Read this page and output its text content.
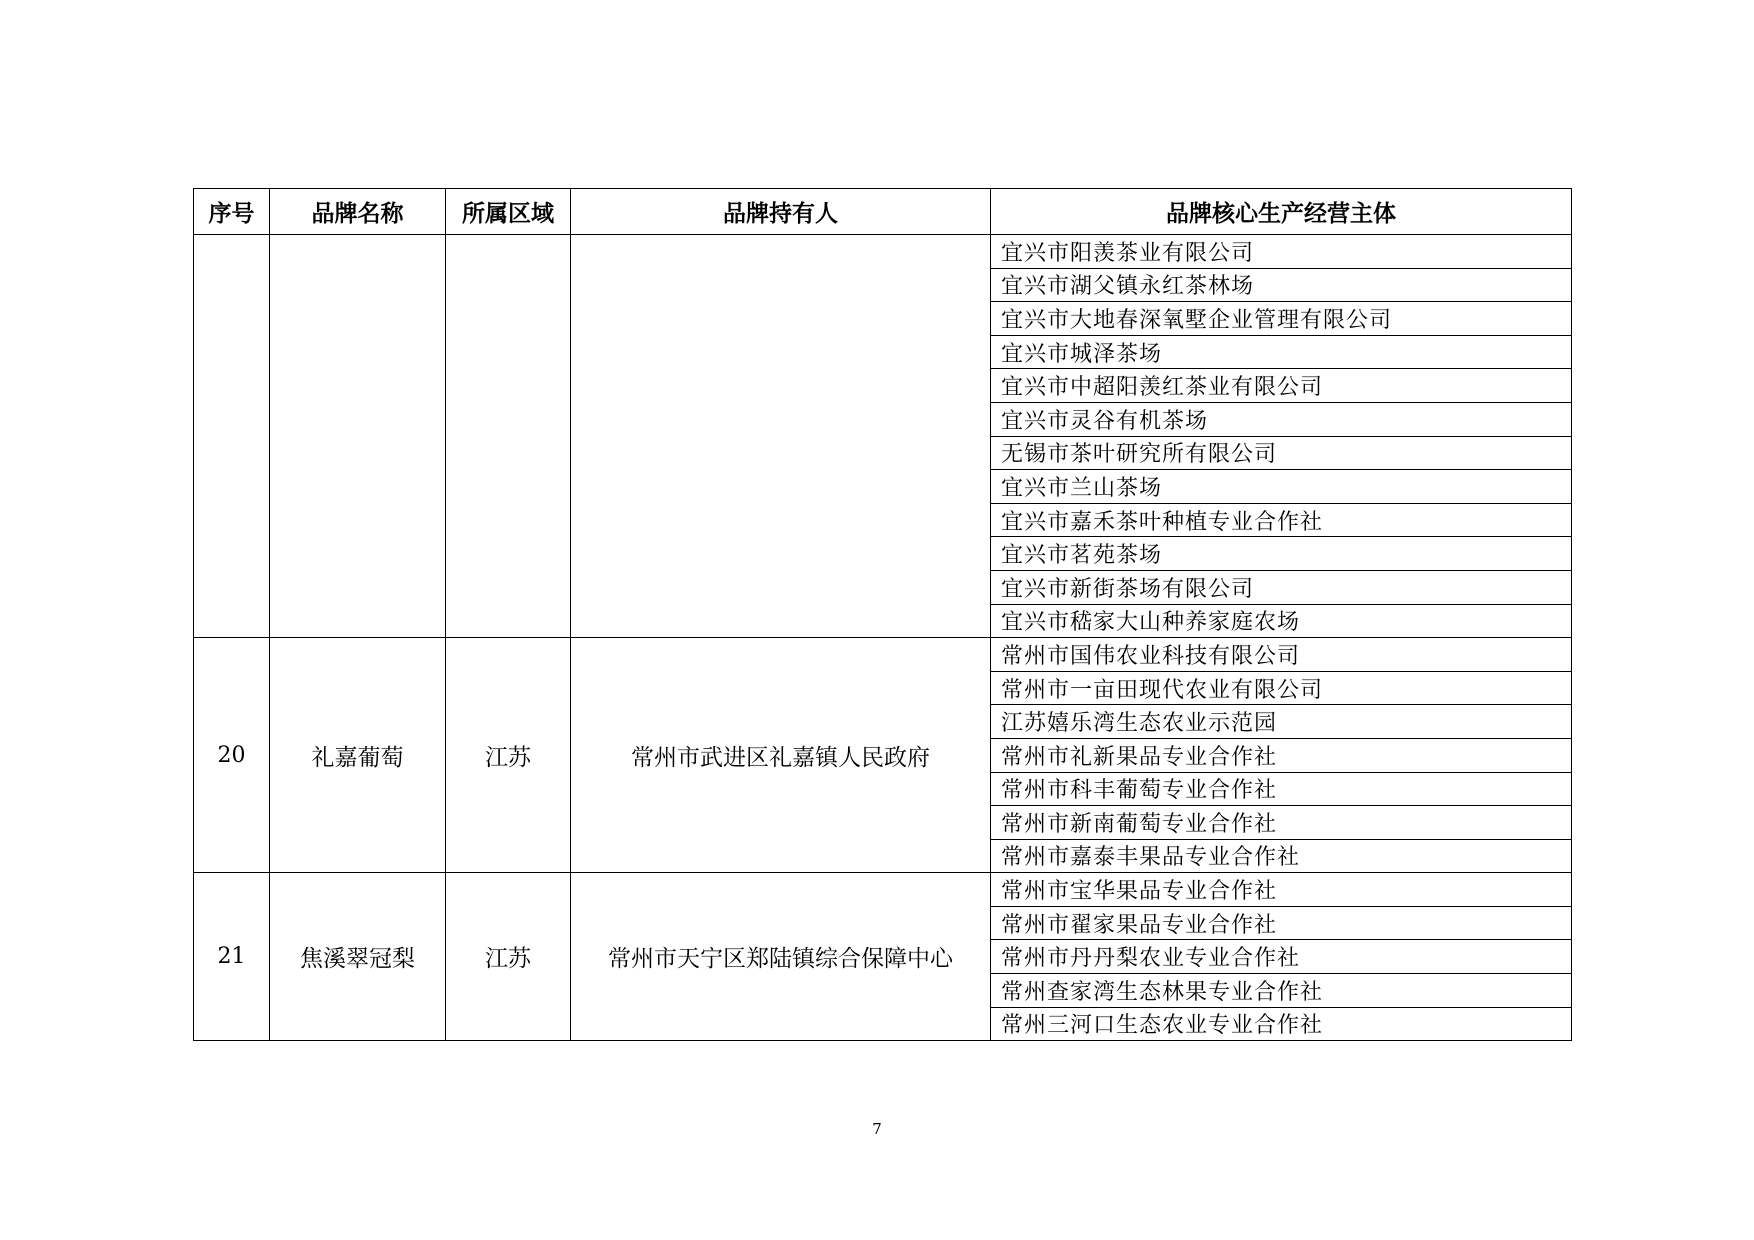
序号	品牌名称	所属区域	品牌持有人	品牌核心生产经营主体
				宜兴市阳羡茶业有限公司
				宜兴市湖父镇永红茶林场
				宜兴市大地春深氧墅企业管理有限公司
				宜兴市城泽茶场
				宜兴市中超阳羡红茶业有限公司
				宜兴市灵谷有机茶场
				无锡市茶叶研究所有限公司
				宜兴市兰山茶场
				宜兴市嘉禾茶叶种植专业合作社
				宜兴市茗苑茶场
				宜兴市新街茶场有限公司
				宜兴市嵇家大山种养家庭农场
20	礼嘉葡萄	江苏	常州市武进区礼嘉镇人民政府	常州市国伟农业科技有限公司
				常州市一亩田现代农业有限公司
				江苏嬉乐湾生态农业示范园
				常州市礼新果品专业合作社
				常州市科丰葡萄专业合作社
				常州市新南葡萄专业合作社
				常州市嘉泰丰果品专业合作社
21	焦溪翠冠梨	江苏	常州市天宁区郑陆镇综合保障中心	常州市宝华果品专业合作社
				常州市翟家果品专业合作社
				常州市丹丹梨农业专业合作社
				常州查家湾生态林果专业合作社
				常州三河口生态农业专业合作社
7
